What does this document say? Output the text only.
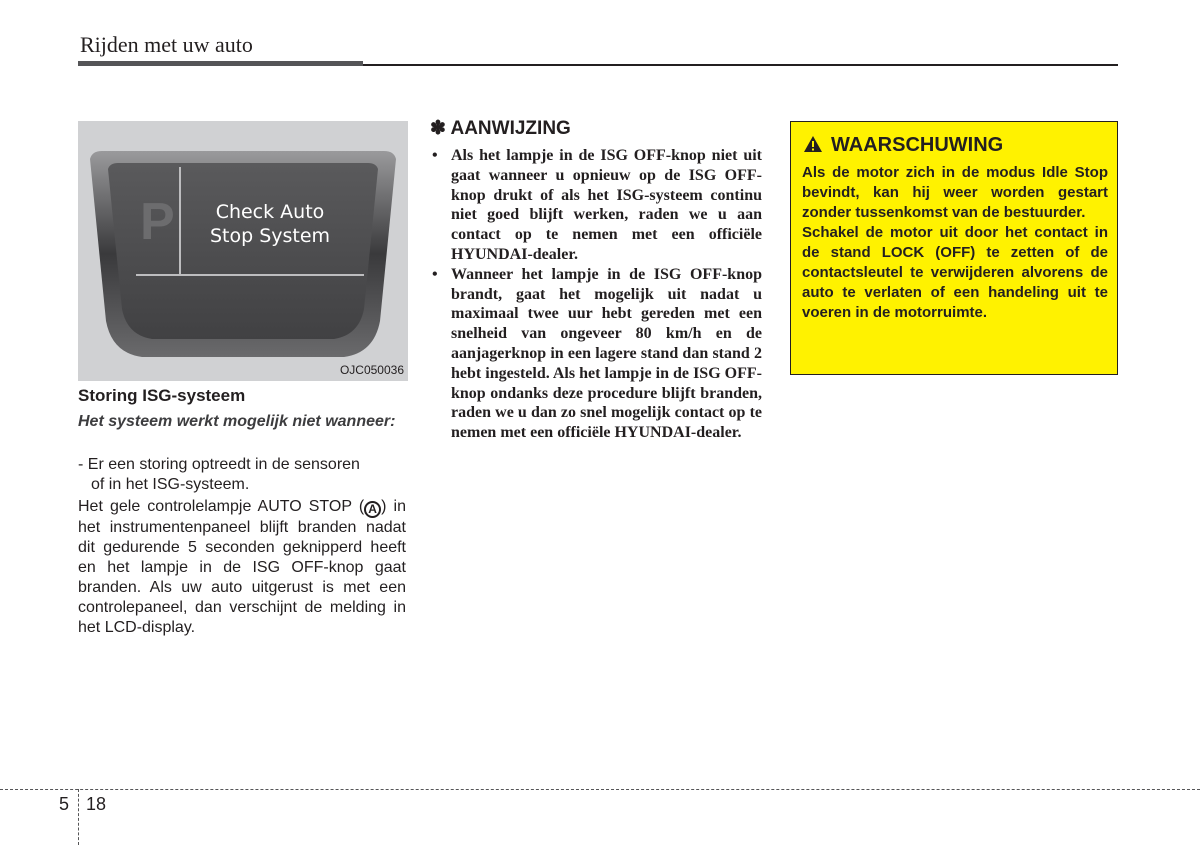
Rijden met uw auto
P Check Auto
Stop System
OJC050036
Storing ISG-systeem
Het systeem werkt mogelijk niet wanneer:
- Er een storing optreedt in de sensoren
of in het ISG-systeem.
Het gele controlelampje AUTO STOP ( A ) in het instrumentenpaneel blijft branden nadat dit gedurende 5 seconden geknipperd heeft en het lampje in de ISG OFF-knop gaat branden. Als uw auto uitgerust is met een controlepaneel, dan verschijnt de melding in het LCD-display.
✽ AANWIJZING
• Als het lampje in de ISG OFF-knop niet uit gaat wanneer u opnieuw op de ISG OFF-knop drukt of als het ISG-systeem continu niet goed blijft werken, raden we u aan contact op te nemen met een officiële HYUNDAI-dealer.
• Wanneer het lampje in de ISG OFF-knop brandt, gaat het mogelijk uit nadat u maximaal twee uur hebt gereden met een snelheid van ongeveer 80 km/h en de aanjagerknop in een lagere stand dan stand 2 hebt ingesteld. Als het lampje in de ISG OFF-knop ondanks deze procedure blijft branden, raden we u dan zo snel mogelijk contact op te nemen met een officiële HYUNDAI-dealer.
WAARSCHUWING

Als de motor zich in de modus Idle Stop bevindt, kan hij weer worden gestart zonder tussenkomst van de bestuurder.

Schakel de motor uit door het contact in de stand LOCK (OFF) te zetten of de contactsleutel te verwijderen alvorens de auto te verlaten of een handeling uit te voeren in de motorruimte.

5 18
